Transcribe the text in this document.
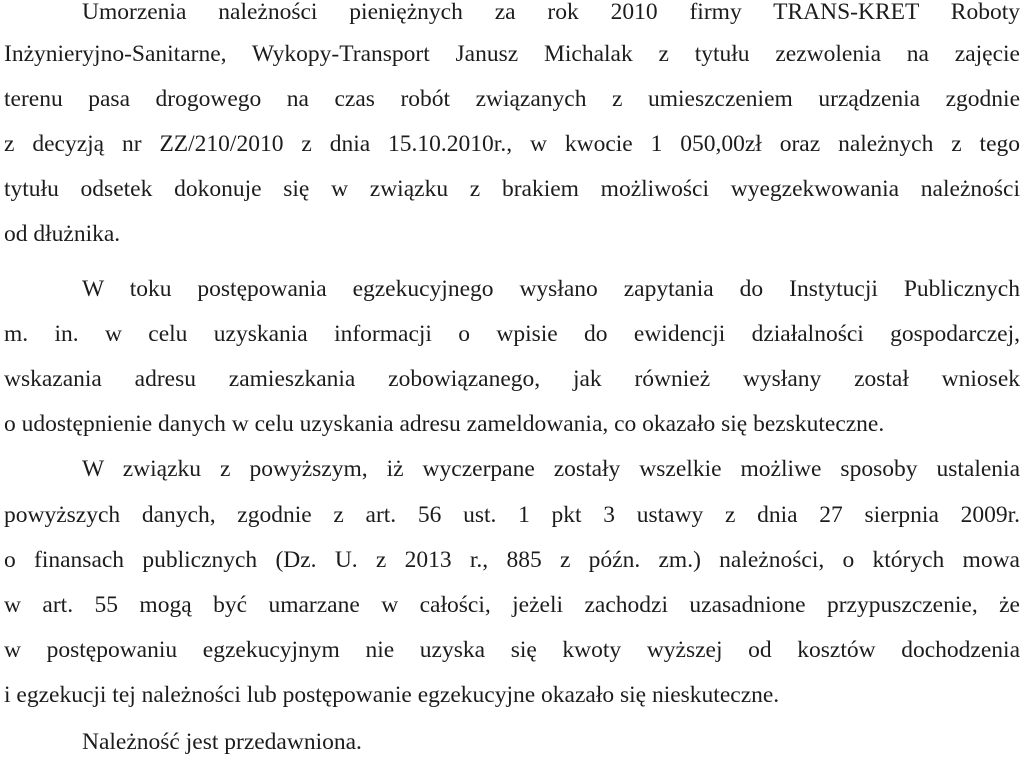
Umorzenia należności pieniężnych za rok 2010 firmy TRANS-KRET Roboty
Inżynieryjno-Sanitarne, Wykopy-Transport Janusz Michalak z tytułu zezwolenia na zajęcie
terenu pasa drogowego na czas robót związanych z umieszczeniem urządzenia zgodnie
z decyzją nr ZZ/210/2010 z dnia 15.10.2010r., w kwocie 1 050,00zł oraz należnych z tego
tytułu odsetek dokonuje się w związku z brakiem możliwości wyegzekwowania należności
od dłużnika.
W toku postępowania egzekucyjnego wysłano zapytania do Instytucji Publicznych
m. in. w celu uzyskania informacji o wpisie do ewidencji działalności gospodarczej,
wskazania adresu zamieszkania zobowiązanego, jak również wysłany został wniosek
o udostępnienie danych w celu uzyskania adresu zameldowania, co okazało się bezskuteczne.
W związku z powyższym, iż wyczerpane zostały wszelkie możliwe sposoby ustalenia
powyższych danych, zgodnie z art. 56 ust. 1 pkt 3 ustawy z dnia 27 sierpnia 2009r.
o finansach publicznych (Dz. U. z 2013 r., 885 z późn. zm.) należności, o których mowa
w art. 55 mogą być umarzane w całości, jeżeli zachodzi uzasadnione przypuszczenie, że
w postępowaniu egzekucyjnym nie uzyska się kwoty wyższej od kosztów dochodzenia
i egzekucji tej należności lub postępowanie egzekucyjne okazało się nieskuteczne.
Należność jest przedawniona.
